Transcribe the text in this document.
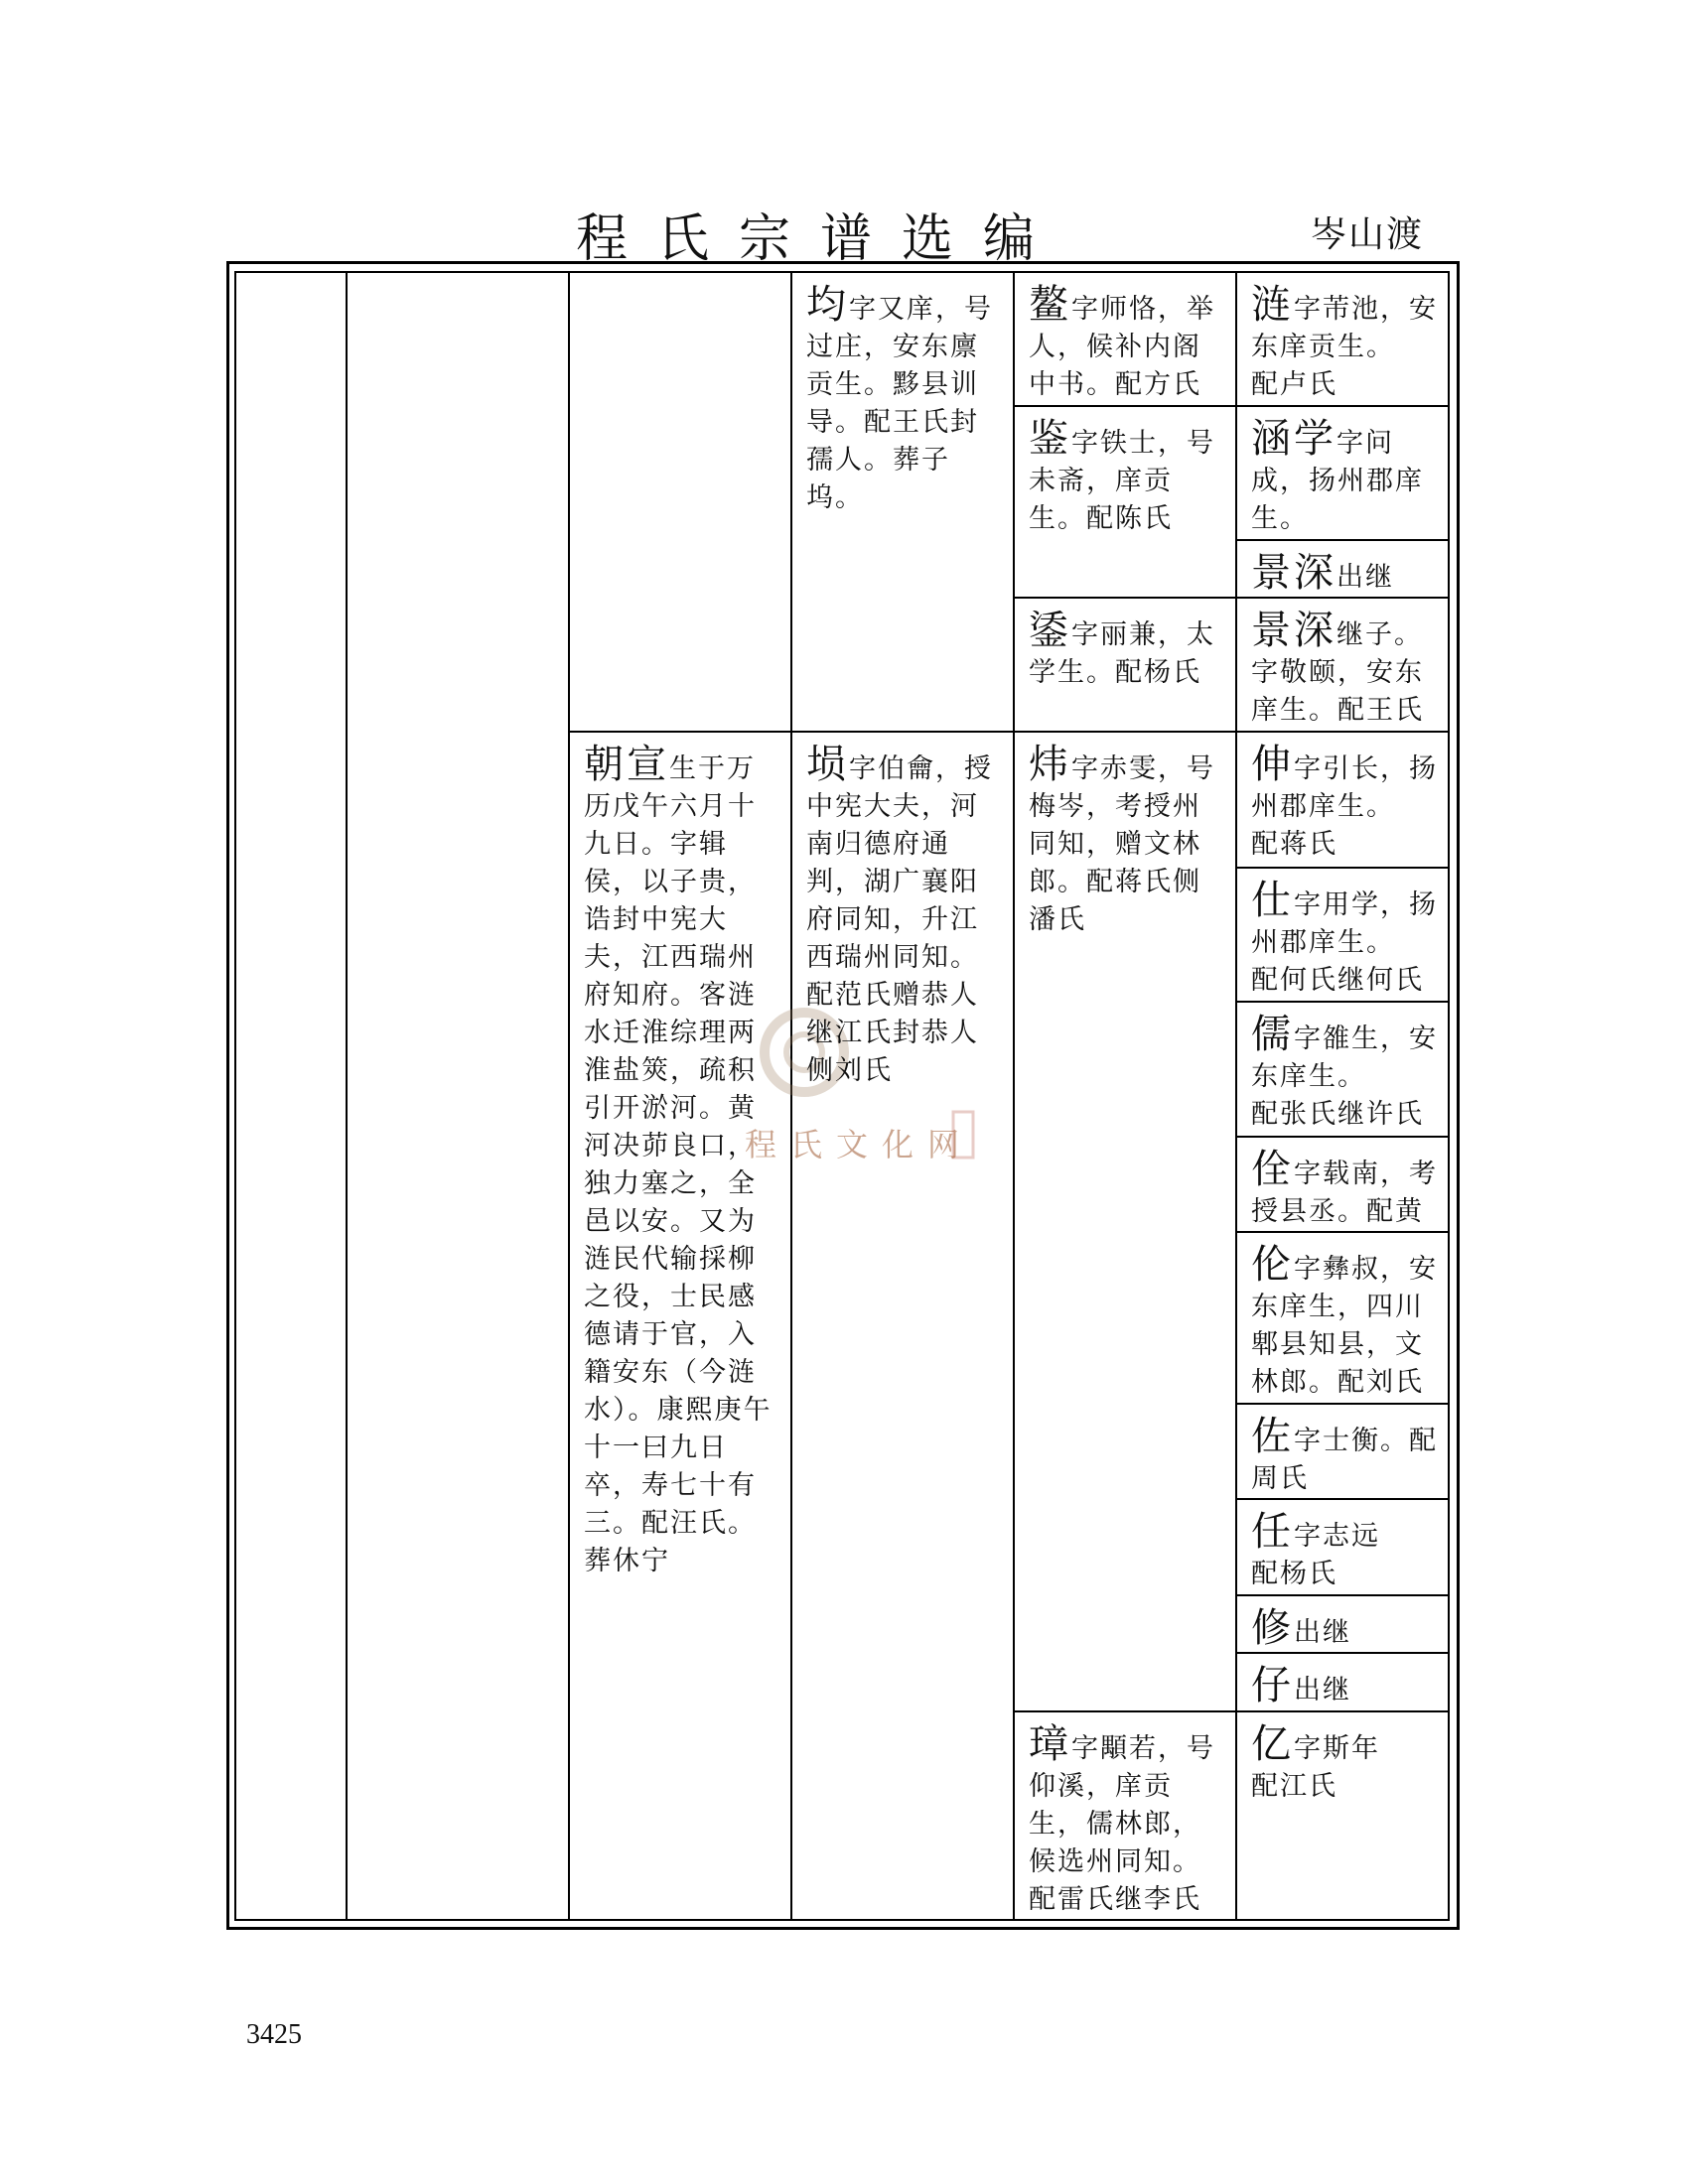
程氏宗谱选编	岑山渡
程氏文化网
朝宣生于万历戊午六月十九日。字辑侯，以子贵，诰封中宪大夫，江西瑞州府知府。客涟水迁淮综理两淮盐筴，疏积引开淤河。黄河决茆良口，独力塞之，全邑以安。又为涟民代输採柳之役，士民感德请于官，入籍安东（今涟水）。康熙庚午十一曰九日卒，寿七十有三。配汪氏。葬休宁
均字又庠，号过庄，安东廪贡生。黟县训导。配王氏封孺人。葬子坞。
埙字伯龠，授中宪大夫，河南归德府通判，湖广襄阳府同知，升江西瑞州同知。
配范氏赠恭人继江氏封恭人侧刘氏
鳌字师恪，举人，候补内阁中书。配方氏
鉴字铁士，号未斋，庠贡生。配陈氏
鋈字丽兼，太学生。配杨氏
炜字赤雯，号梅岑，考授州同知，赠文林郎。配蒋氏侧潘氏
璋字顒若，号仰溪，庠贡生，儒林郎，候选州同知。
配雷氏继李氏
涟字芾池，安东庠贡生。
配卢氏
涵学字问成，扬州郡庠生。
景深出继
景深继子。字敬颐，安东庠生。配王氏
伸字引长，扬州郡庠生。
配蒋氏
仕字用学，扬州郡庠生。
配何氏继何氏
儒字雒生，安东庠生。
配张氏继许氏
佺字载南，考授县丞。配黄
伦字彝叔，安东庠生，四川郫县知县，文林郎。配刘氏
佐字士衡。配周氏
任字志远
配杨氏
修出继
仔出继
亿字斯年
配江氏
3425
